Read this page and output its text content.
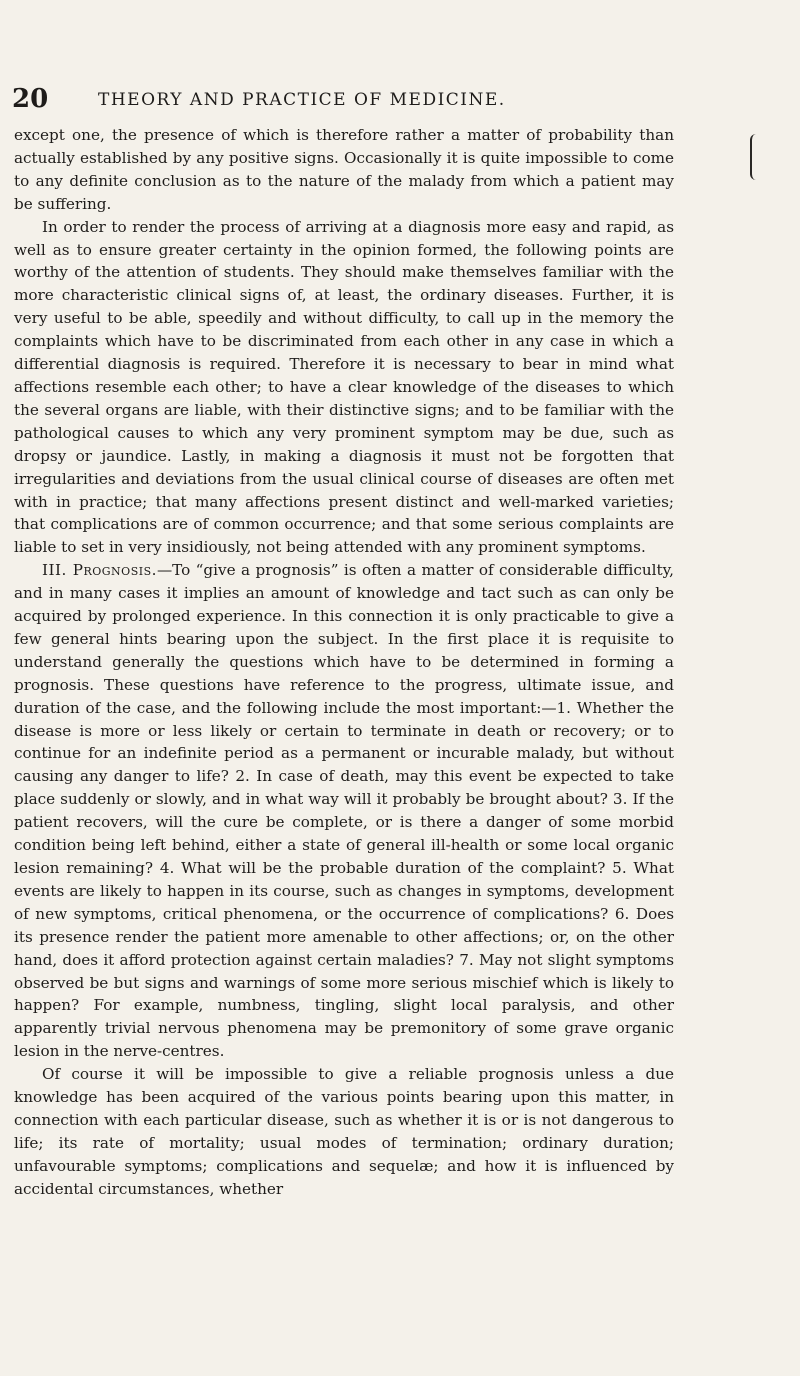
20	THEORY AND PRACTICE OF MEDICINE.

except one, the presence of which is therefore rather a matter of probability than actually established by any positive signs. Occasionally it is quite impossible to come to any definite conclusion as to the nature of the malady from which a patient may be suffering.

In order to render the process of arriving at a diagnosis more easy and rapid, as well as to ensure greater certainty in the opinion formed, the following points are worthy of the attention of students. They should make themselves familiar with the more characteristic clinical signs of, at least, the ordinary diseases. Further, it is very useful to be able, speedily and without difficulty, to call up in the memory the complaints which have to be discriminated from each other in any case in which a differential diagnosis is required. Therefore it is necessary to bear in mind what affections resemble each other; to have a clear knowledge of the diseases to which the several organs are liable, with their distinctive signs; and to be familiar with the pathological causes to which any very prominent symptom may be due, such as dropsy or jaundice. Lastly, in making a diagnosis it must not be forgotten that irregularities and deviations from the usual clinical course of diseases are often met with in practice; that many affections present distinct and well-marked varieties; that complications are of common occurrence; and that some serious complaints are liable to set in very insidiously, not being attended with any prominent symptoms.

III. Prognosis.—To “give a prognosis” is often a matter of considerable difficulty, and in many cases it implies an amount of knowledge and tact such as can only be acquired by prolonged experience. In this connection it is only practicable to give a few general hints bearing upon the subject. In the first place it is requisite to understand generally the questions which have to be determined in forming a prognosis. These questions have reference to the progress, ultimate issue, and duration of the case, and the following include the most important:—1. Whether the disease is more or less likely or certain to terminate in death or recovery; or to continue for an indefinite period as a permanent or incurable malady, but without causing any danger to life? 2. In case of death, may this event be expected to take place suddenly or slowly, and in what way will it probably be brought about? 3. If the patient recovers, will the cure be complete, or is there a danger of some morbid condition being left behind, either a state of general ill-health or some local organic lesion remaining? 4. What will be the probable duration of the complaint? 5. What events are likely to happen in its course, such as changes in symptoms, development of new symptoms, critical phenomena, or the occurrence of complications? 6. Does its presence render the patient more amenable to other affections; or, on the other hand, does it afford protection against certain maladies? 7. May not slight symptoms observed be but signs and warnings of some more serious mischief which is likely to happen? For example, numbness, tingling, slight local paralysis, and other apparently trivial nervous phenomena may be premonitory of some grave organic lesion in the nerve-centres.

Of course it will be impossible to give a reliable prognosis unless a due knowledge has been acquired of the various points bearing upon this matter, in connection with each particular disease, such as whether it is or is not dangerous to life; its rate of mortality; usual modes of termination; ordinary duration; unfavourable symptoms; complications and sequelæ; and how it is influenced by accidental circumstances, whether
